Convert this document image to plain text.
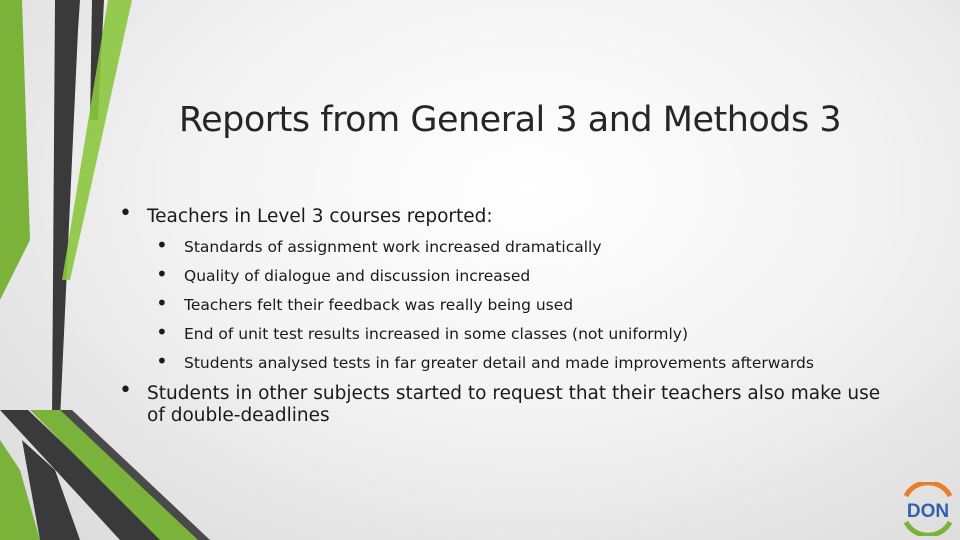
Reports from General 3 and Methods 3
• Teachers in Level 3 courses reported:
•	Standards of assignment work increased dramatically
•	Quality of dialogue and discussion increased
•	Teachers felt their feedback was really being used
•	End of unit test results increased in some classes (not uniformly)
•	Students analysed tests in far greater detail and made improvements afterwards
• Students in other subjects started to request that their teachers also make use of double-deadlines
DON
